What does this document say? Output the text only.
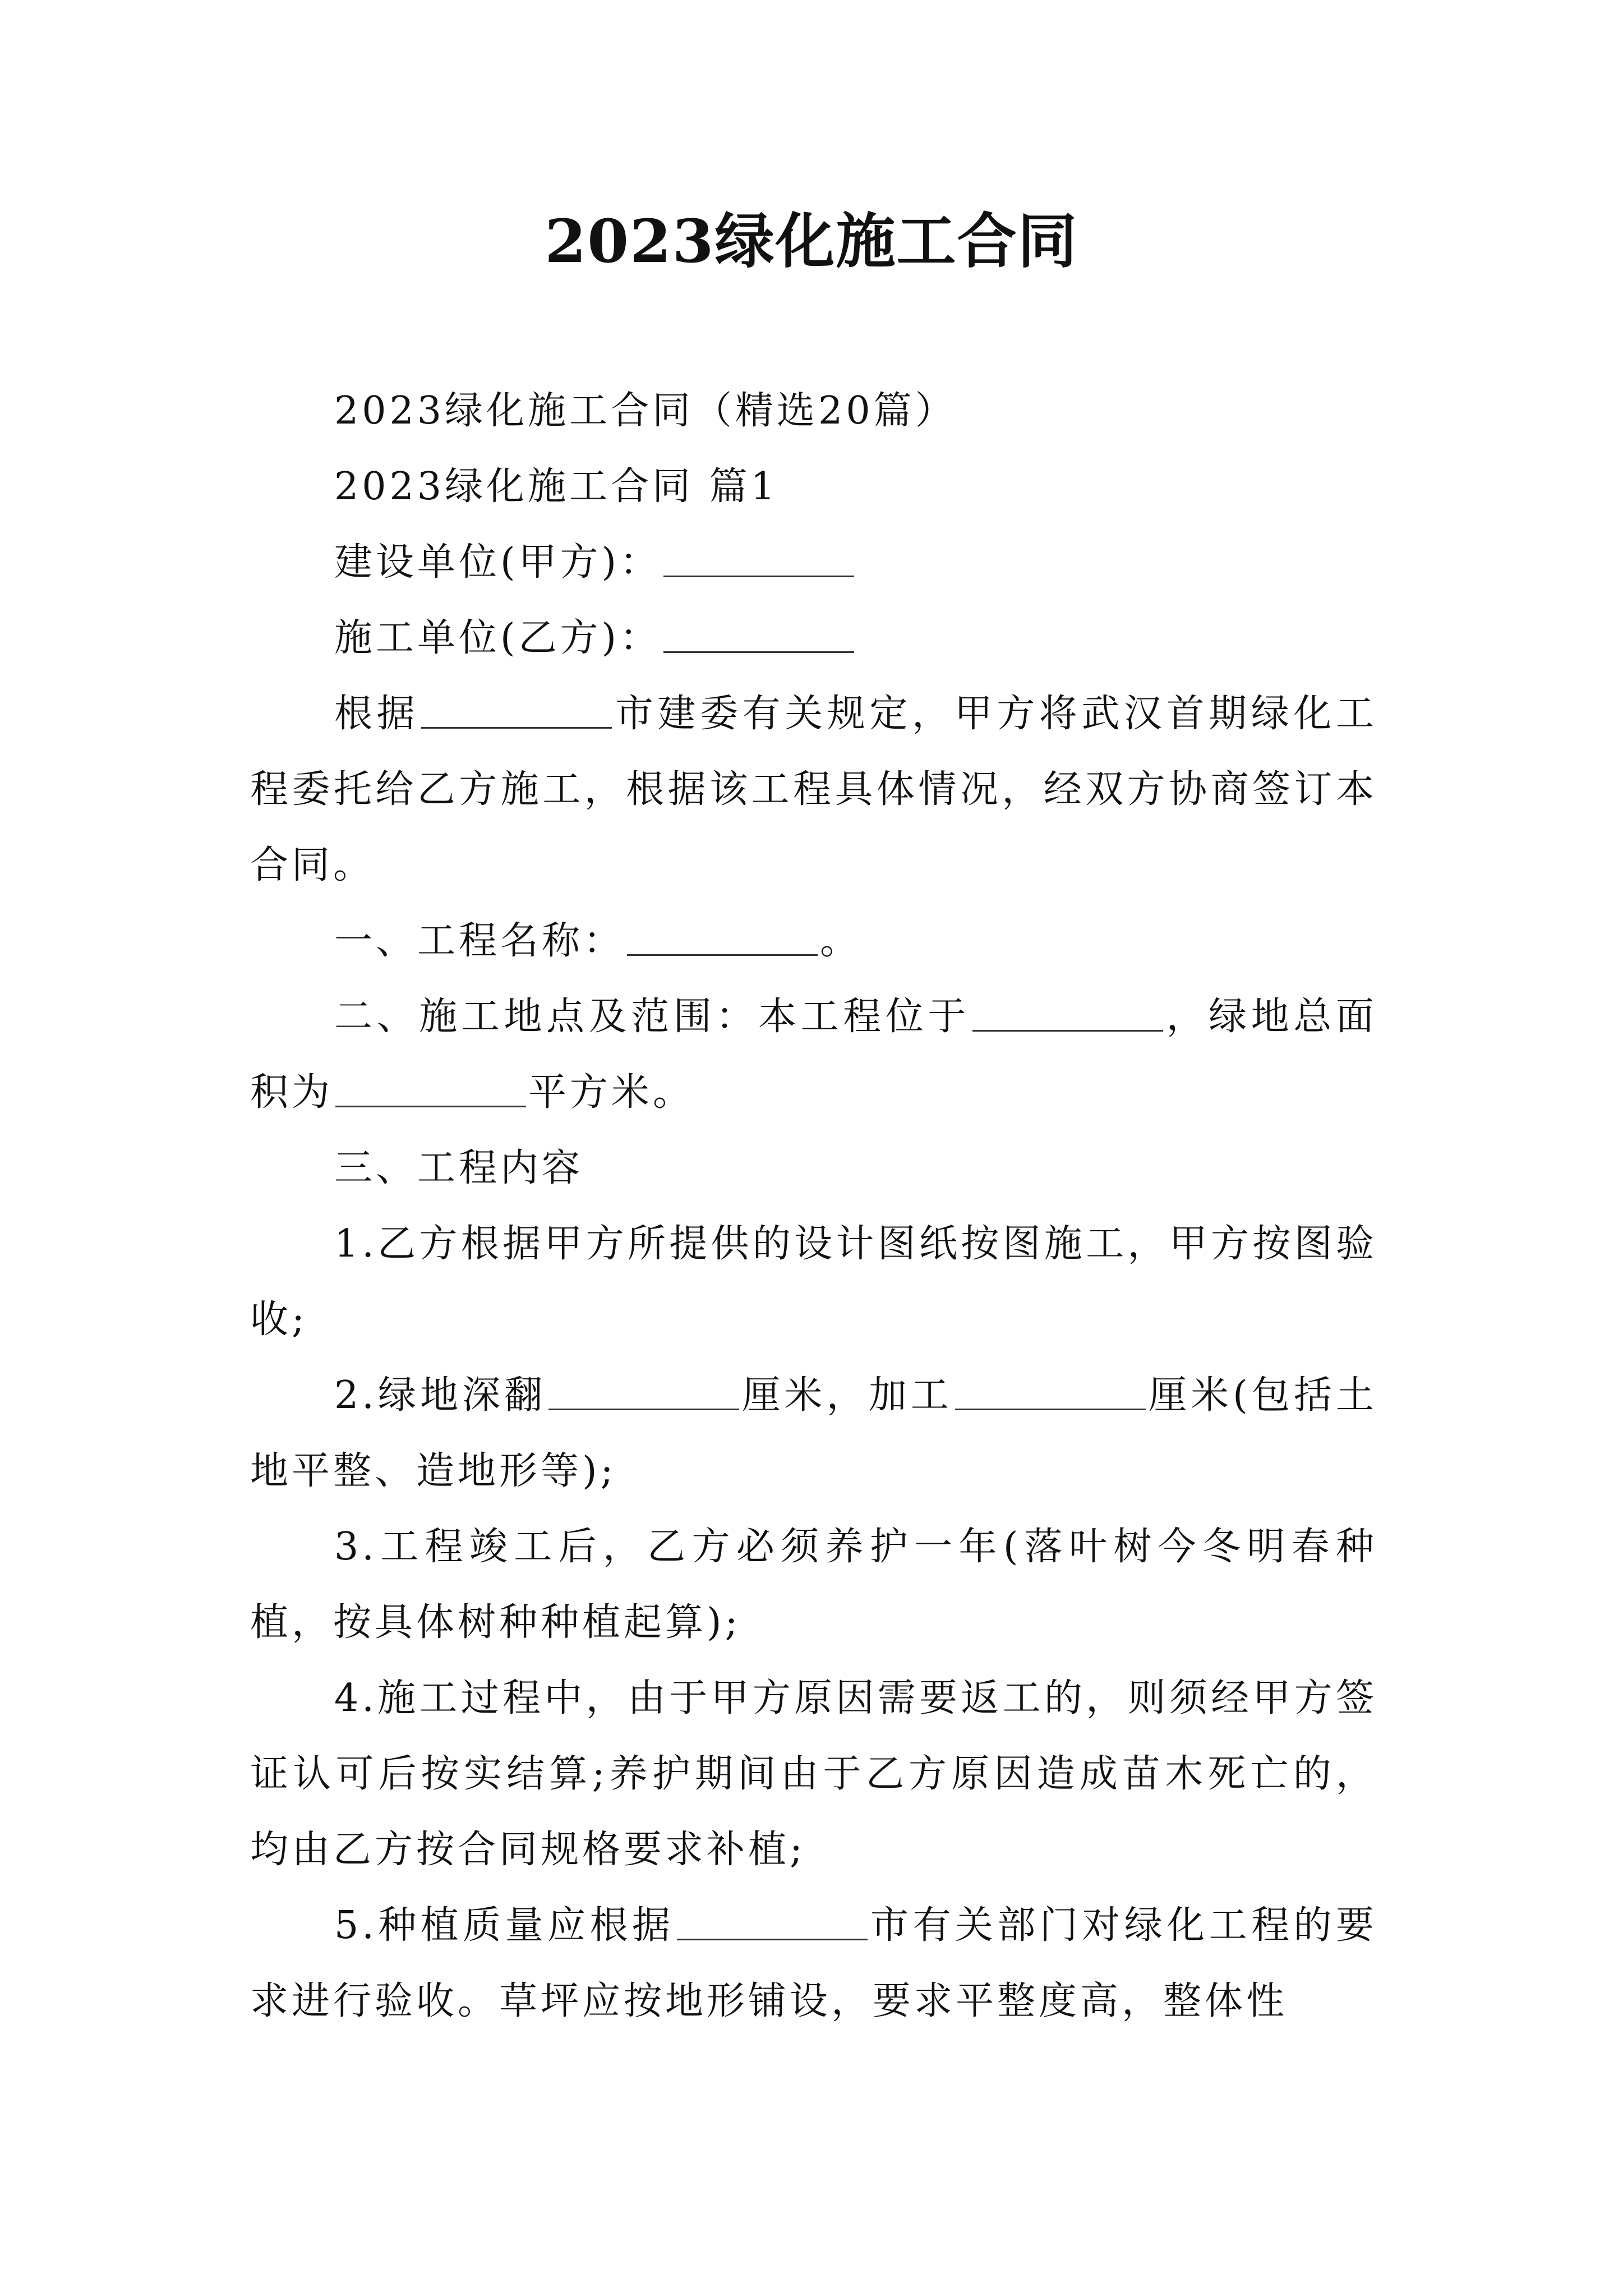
2023绿化施工合同

2023绿化施工合同（精选20篇）

2023绿化施工合同 篇1

建设单位(甲方)：

施工单位(乙方)：

根据	市建委有关规定，甲方将武汉首期绿化工程委托给乙方施工，根据该工程具体情况，经双方协商签订本合同。

一、工程名称：	。

二、施工地点及范围：本工程位于	，绿地总面积为	平方米。

三、工程内容

1.乙方根据甲方所提供的设计图纸按图施工，甲方按图验收;

2.绿地深翻	厘米，加工	厘米(包括土地平整、造地形等);

3.工程竣工后，乙方必须养护一年(落叶树今冬明春种植，按具体树种种植起算);

4.施工过程中，由于甲方原因需要返工的，则须经甲方签证认可后按实结算;养护期间由于乙方原因造成苗木死亡的，均由乙方按合同规格要求补植;

5.种植质量应根据	市有关部门对绿化工程的要求进行验收。草坪应按地形铺设，要求平整度高，整体性
